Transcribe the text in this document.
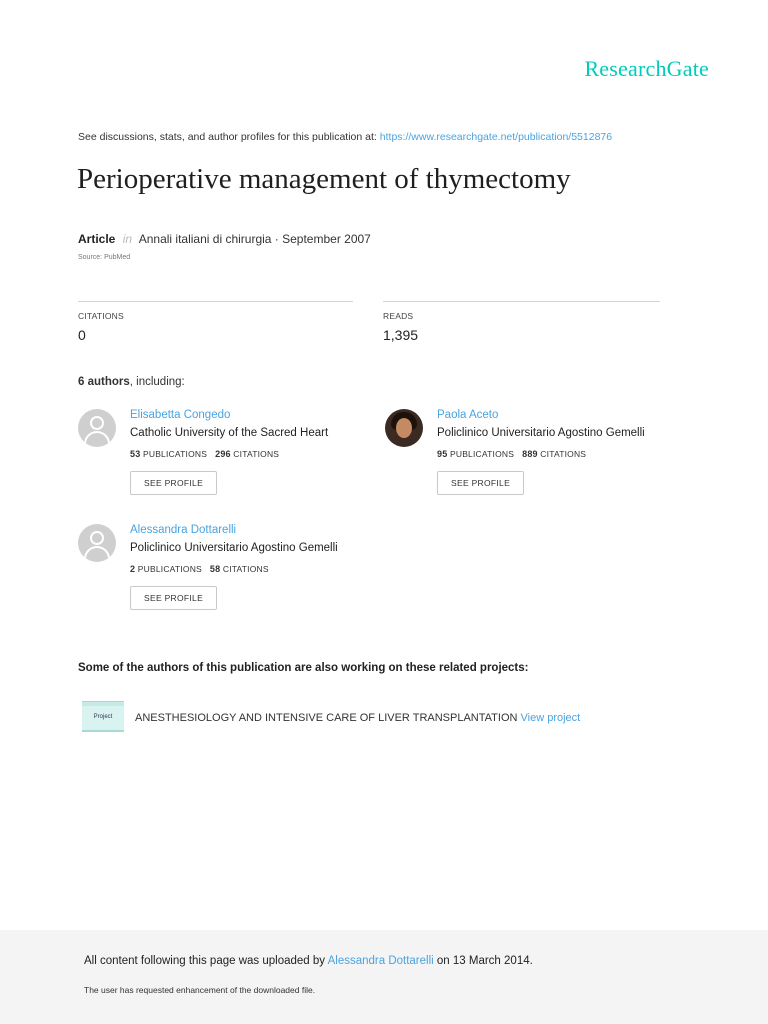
ResearchGate
See discussions, stats, and author profiles for this publication at: https://www.researchgate.net/publication/5512876
Perioperative management of thymectomy
Article in Annali italiani di chirurgia · September 2007
Source: PubMed
CITATIONS
0
READS
1,395
6 authors, including:
Elisabetta Congedo
Catholic University of the Sacred Heart
53 PUBLICATIONS 296 CITATIONS
SEE PROFILE
Paola Aceto
Policlinico Universitario Agostino Gemelli
95 PUBLICATIONS 889 CITATIONS
SEE PROFILE
Alessandra Dottarelli
Policlinico Universitario Agostino Gemelli
2 PUBLICATIONS 58 CITATIONS
SEE PROFILE
Some of the authors of this publication are also working on these related projects:
Project	ANESTHESIOLOGY AND INTENSIVE CARE OF LIVER TRANSPLANTATION View project
All content following this page was uploaded by Alessandra Dottarelli on 13 March 2014.
The user has requested enhancement of the downloaded file.
